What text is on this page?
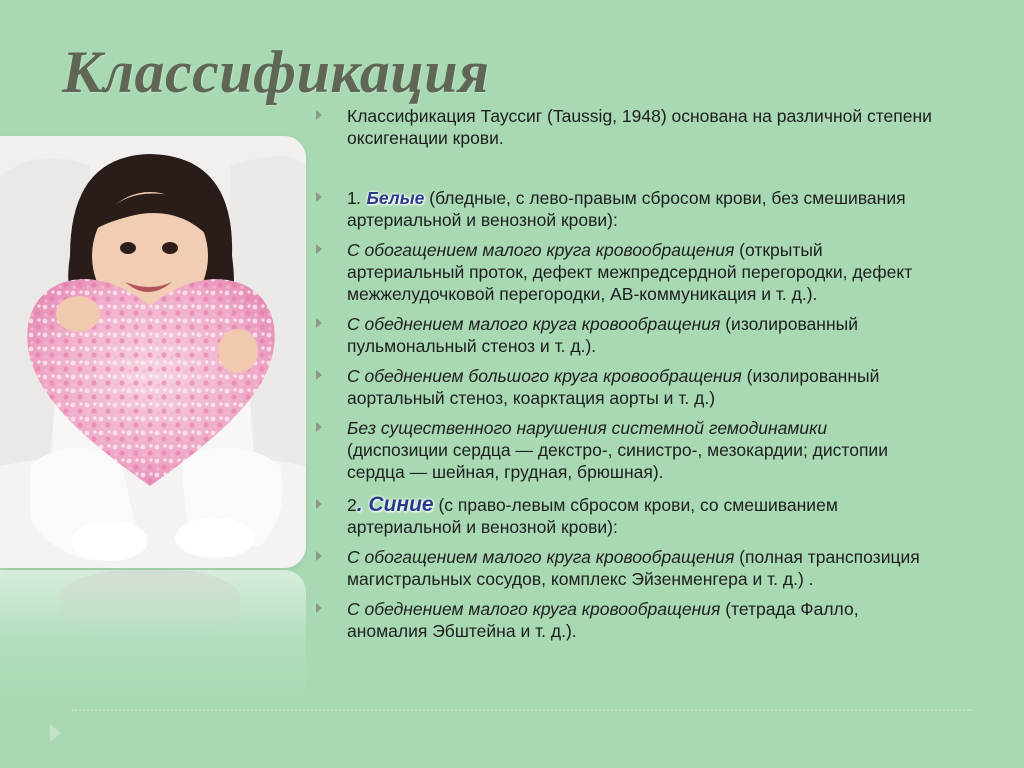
Классификация
Классификация Тауссиг (Taussig, 1948) основана на различной степени
оксигенации крови.
1. Белые (бледные, с лево-правым сбросом крови, без смешивания
артериальной и венозной крови):
С обогащением малого круга кровообращения (открытый
артериальный проток, дефект межпредсердной перегородки, дефект
межжелудочковой перегородки, АВ-коммуникация и т. д.).
С обеднением малого круга кровообращения (изолированный
пульмональный стеноз и т. д.).
С обеднением большого круга кровообращения (изолированный
аортальный стеноз, коарктация аорты и т. д.)
Без существенного нарушения системной гемодинамики
(диспозиции сердца — декстро-, синистро-, мезокардии; дистопии
сердца — шейная, грудная, брюшная).
2. Синие (с право-левым сбросом крови, со смешиванием
артериальной и венозной крови):
С обогащением малого круга кровообращения (полная транспозиция
магистральных сосудов, комплекс Эйзенменгера и т. д.) .
С обеднением малого круга кровообращения (тетрада Фалло,
аномалия Эбштейна и т. д.).
